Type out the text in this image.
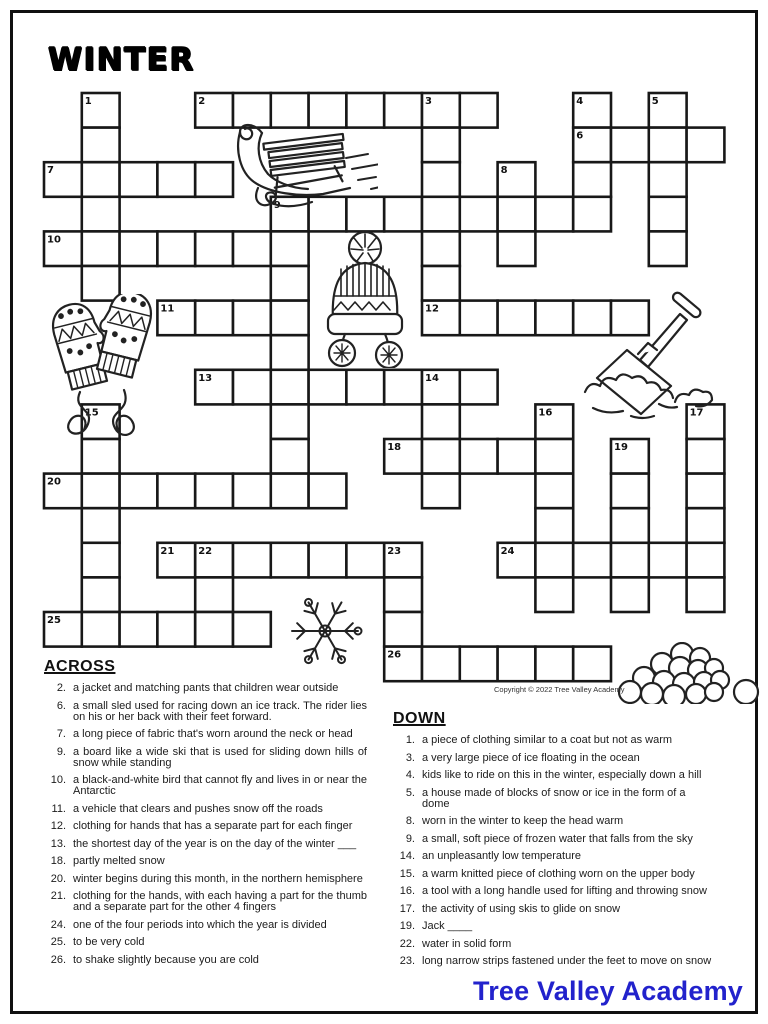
WINTER
1	2	3	4	5
6
7	8
9
10
11	12
13	14
15	16	17
18	19
20
21 22	23	24
25
26
ACROSS
2. a jacket and matching pants that children wear outside
6. a small sled used for racing down an ice track. The rider lies on his or her back with their feet forward.
7. a long piece of fabric that's worn around the neck or head
9. a board like a wide ski that is used for sliding down hills of snow while standing
10. a black-and-white bird that cannot fly and lives in or near the Antarctic
11. a vehicle that clears and pushes snow off the roads
12. clothing for hands that has a separate part for each finger
13. the shortest day of the year is on the day of the winter ___
18. partly melted snow
20. winter begins during this month, in the northern hemisphere
21. clothing for the hands, with each having a part for the thumb and a separate part for the other 4 fingers
24. one of the four periods into which the year is divided
25. to be very cold
26. to shake slightly because you are cold
DOWN
1. a piece of clothing similar to a coat but not as warm
3. a very large piece of ice floating in the ocean
4. kids like to ride on this in the winter, especially down a hill
5. a house made of blocks of snow or ice in the form of a dome
8. worn in the winter to keep the head warm
9. a small, soft piece of frozen water that falls from the sky
14. an unpleasantly low temperature
15. a warm knitted piece of clothing worn on the upper body
16. a tool with a long handle used for lifting and throwing snow
17. the activity of using skis to glide on snow
19. Jack ____
22. water in solid form
23. long narrow strips fastened under the feet to move on snow
Copyright © 2022 Tree Valley Academy
Tree Valley Academy
